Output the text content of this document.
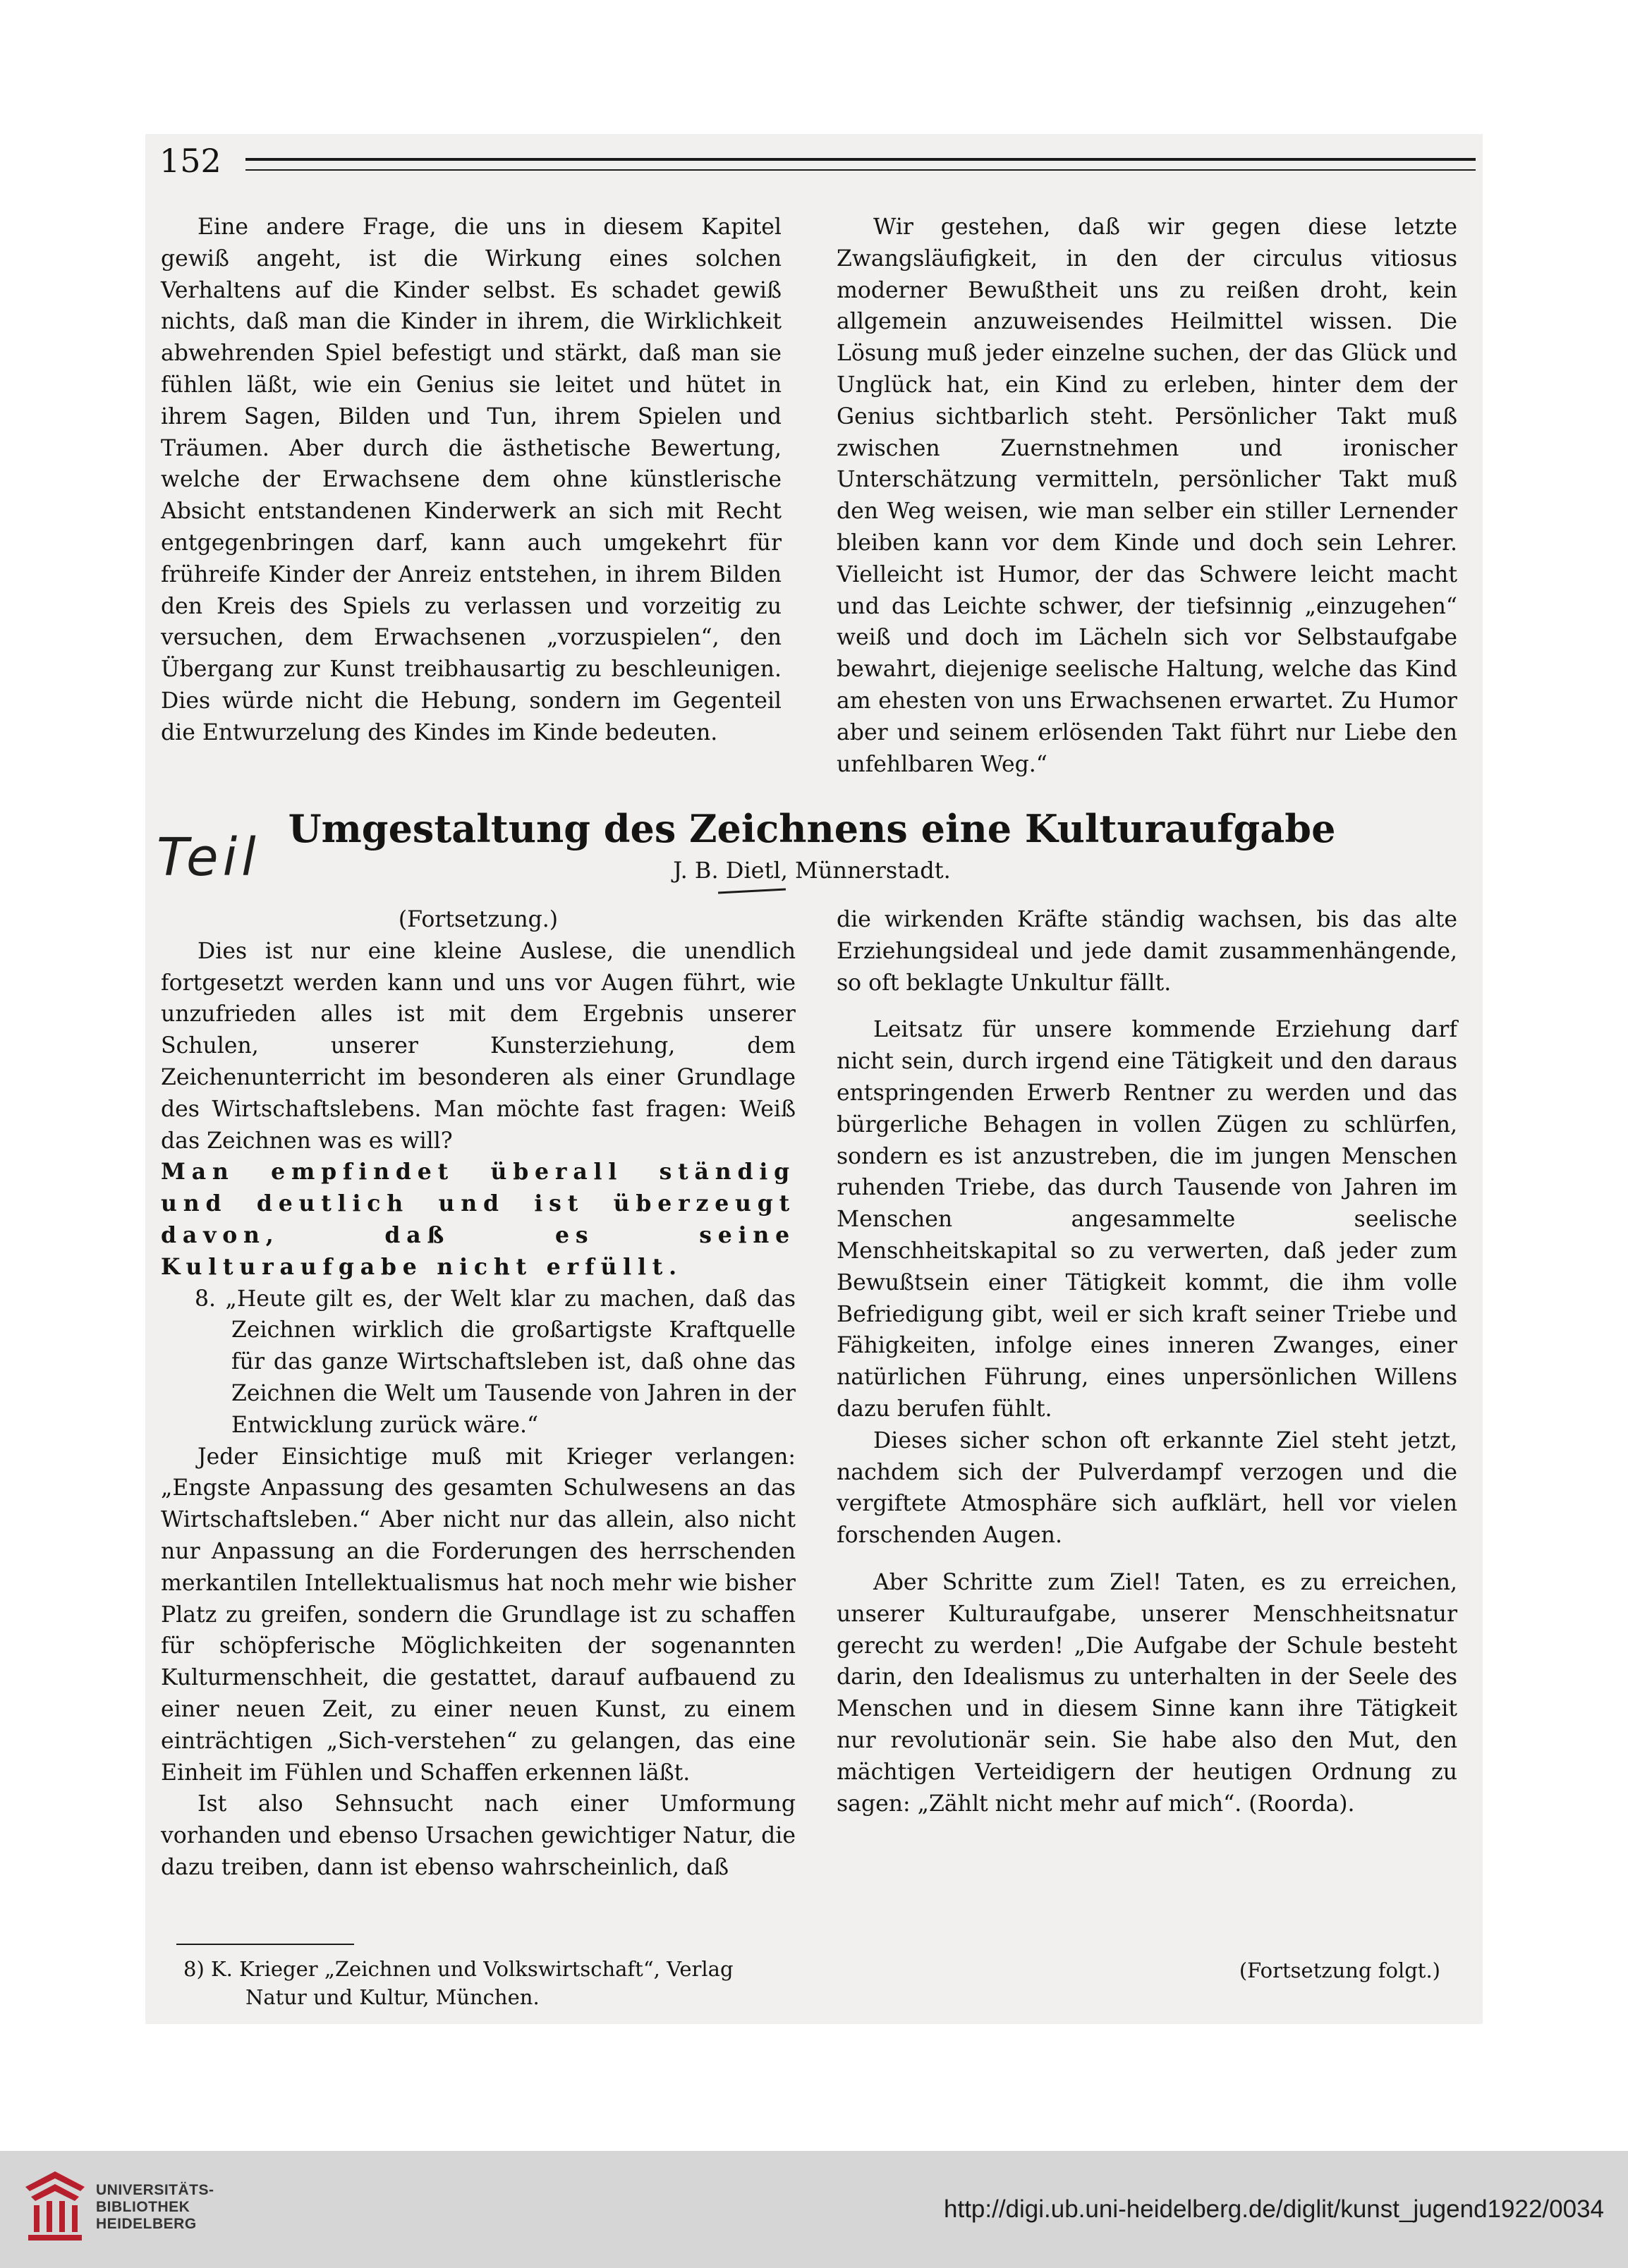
152

Eine andere Frage, die uns in diesem Kapitel gewiß angeht, ist die Wirkung eines solchen Verhaltens auf die Kinder selbst. Es schadet gewiß nichts, daß man die Kinder in ihrem, die Wirklichkeit abwehrenden Spiel befestigt und stärkt, daß man sie fühlen läßt, wie ein Genius sie leitet und hütet in ihrem Sagen, Bilden und Tun, ihrem Spielen und Träumen. Aber durch die ästhetische Bewertung, welche der Erwachsene dem ohne künstlerische Absicht entstandenen Kinderwerk an sich mit Recht entgegenbringen darf, kann auch umgekehrt für frühreife Kinder der Anreiz entstehen, in ihrem Bilden den Kreis des Spiels zu verlassen und vorzeitig zu versuchen, dem Erwachsenen „vorzuspielen“, den Übergang zur Kunst treibhausartig zu beschleunigen. Dies würde nicht die Hebung, sondern im Gegenteil die Entwurzelung des Kindes im Kinde bedeuten.

Wir gestehen, daß wir gegen diese letzte Zwangsläufigkeit, in den der circulus vitiosus moderner Bewußtheit uns zu reißen droht, kein allgemein anzuweisendes Heilmittel wissen. Die Lösung muß jeder einzelne suchen, der das Glück und Unglück hat, ein Kind zu erleben, hinter dem der Genius sichtbarlich steht. Persönlicher Takt muß zwischen Zuernstnehmen und ironischer Unterschätzung vermitteln, persönlicher Takt muß den Weg weisen, wie man selber ein stiller Lernender bleiben kann vor dem Kinde und doch sein Lehrer. Vielleicht ist Humor, der das Schwere leicht macht und das Leichte schwer, der tiefsinnig „einzugehen“ weiß und doch im Lächeln sich vor Selbstaufgabe bewahrt, diejenige seelische Haltung, welche das Kind am ehesten von uns Erwachsenen erwartet. Zu Humor aber und seinem erlösenden Takt führt nur Liebe den unfehlbaren Weg.“

Teil Umgestaltung des Zeichnens eine Kulturaufgabe
J. B. Dietl, Münnerstadt.

(Fortsetzung.)

Dies ist nur eine kleine Auslese, die unendlich fortgesetzt werden kann und uns vor Augen führt, wie unzufrieden alles ist mit dem Ergebnis unserer Schulen, unserer Kunsterziehung, dem Zeichenunterricht im besonderen als einer Grundlage des Wirtschaftslebens. Man möchte fast fragen: Weiß das Zeichnen was es will?

Man empfindet überall ständig und deutlich und ist überzeugt davon, daß es seine Kulturaufgabe nicht erfüllt.

8. „Heute gilt es, der Welt klar zu machen, daß das Zeichnen wirklich die großartigste Kraftquelle für das ganze Wirtschaftsleben ist, daß ohne das Zeichnen die Welt um Tausende von Jahren in der Entwicklung zurück wäre.“

Jeder Einsichtige muß mit Krieger verlangen: „Engste Anpassung des gesamten Schulwesens an das Wirtschaftsleben.“ Aber nicht nur das allein, also nicht nur Anpassung an die Forderungen des herrschenden merkantilen Intellektualismus hat noch mehr wie bisher Platz zu greifen, sondern die Grundlage ist zu schaffen für schöpferische Möglichkeiten der sogenannten Kulturmenschheit, die gestattet, darauf aufbauend zu einer neuen Zeit, zu einer neuen Kunst, zu einem einträchtigen „Sich-verstehen“ zu gelangen, das eine Einheit im Fühlen und Schaffen erkennen läßt.

Ist also Sehnsucht nach einer Umformung vorhanden und ebenso Ursachen gewichtiger Natur, die dazu treiben, dann ist ebenso wahrscheinlich, daß

die wirkenden Kräfte ständig wachsen, bis das alte Erziehungsideal und jede damit zusammenhängende, so oft beklagte Unkultur fällt.

Leitsatz für unsere kommende Erziehung darf nicht sein, durch irgend eine Tätigkeit und den daraus entspringenden Erwerb Rentner zu werden und das bürgerliche Behagen in vollen Zügen zu schlürfen, sondern es ist anzustreben, die im jungen Menschen ruhenden Triebe, das durch Tausende von Jahren im Menschen angesammelte seelische Menschheitskapital so zu verwerten, daß jeder zum Bewußtsein einer Tätigkeit kommt, die ihm volle Befriedigung gibt, weil er sich kraft seiner Triebe und Fähigkeiten, infolge eines inneren Zwanges, einer natürlichen Führung, eines unpersönlichen Willens dazu berufen fühlt.

Dieses sicher schon oft erkannte Ziel steht jetzt, nachdem sich der Pulverdampf verzogen und die vergiftete Atmosphäre sich aufklärt, hell vor vielen forschenden Augen.

Aber Schritte zum Ziel! Taten, es zu erreichen, unserer Kulturaufgabe, unserer Menschheitsnatur gerecht zu werden! „Die Aufgabe der Schule besteht darin, den Idealismus zu unterhalten in der Seele des Menschen und in diesem Sinne kann ihre Tätigkeit nur revolutionär sein. Sie habe also den Mut, den mächtigen Verteidigern der heutigen Ordnung zu sagen: „Zählt nicht mehr auf mich“. (Roorda).

8) K. Krieger „Zeichnen und Volkswirtschaft“, Verlag
Natur und Kultur, München.
(Fortsetzung folgt.)
UNIVERSITÄTS-
BIBLIOTHEK
HEIDELBERG
http://digi.ub.uni-heidelberg.de/diglit/kunst_jugend1922/0034
